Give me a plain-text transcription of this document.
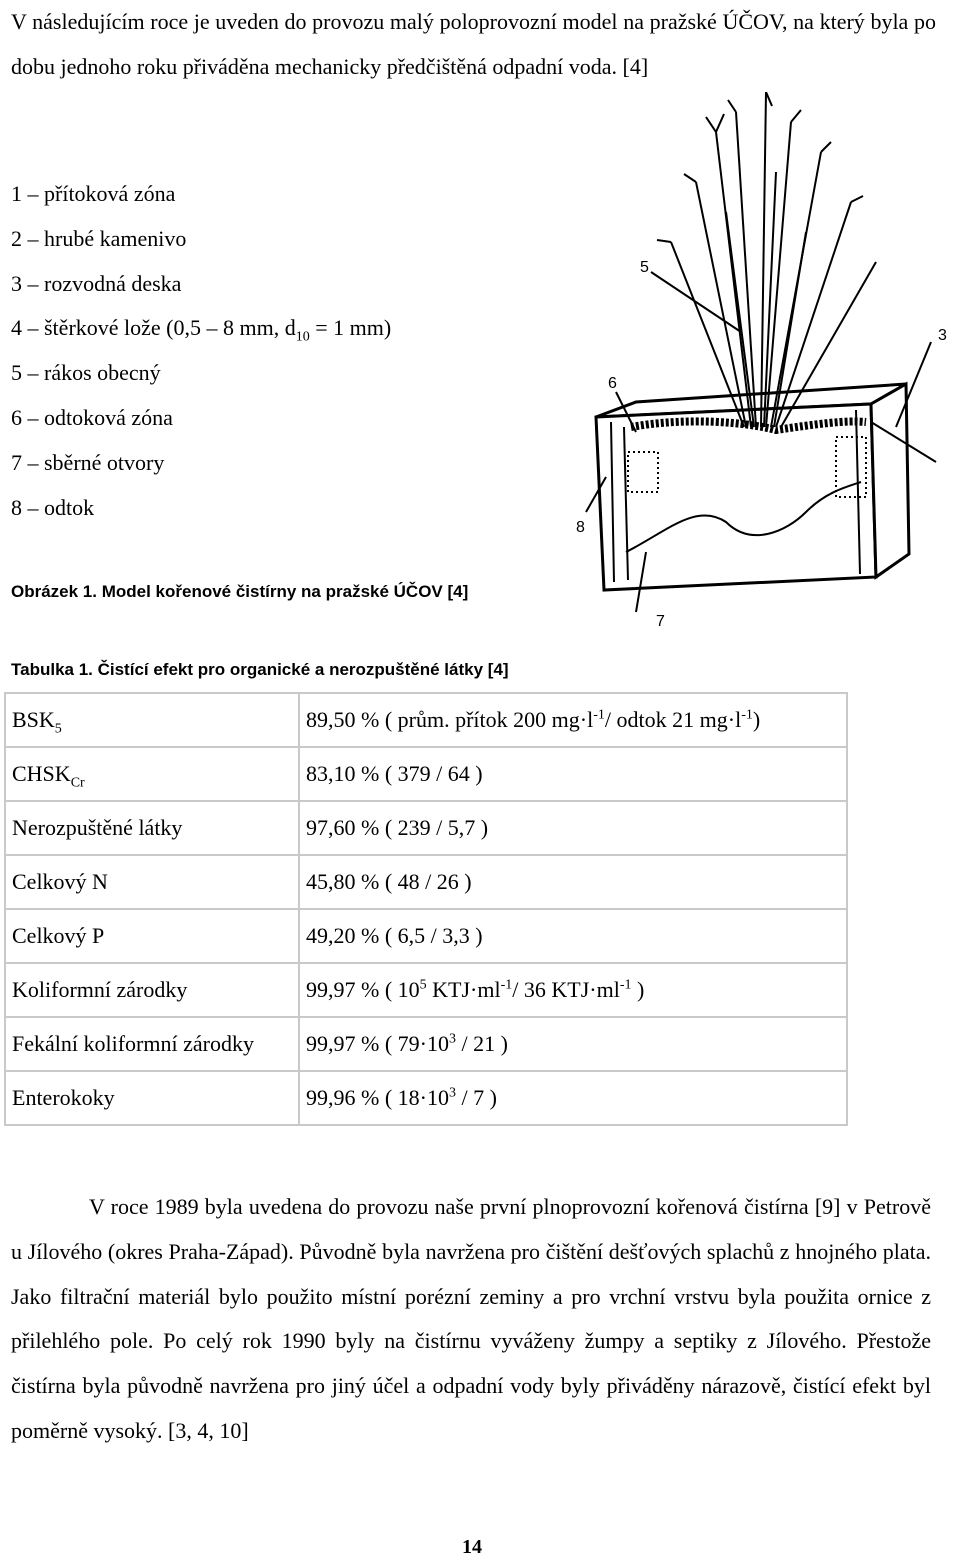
V následujícím roce je uveden do provozu malý poloprovozní model na pražské ÚČOV, na který byla po dobu jednoho roku přiváděna mechanicky předčištěná odpadní voda. [4]
1 – přítoková zóna
2 – hrubé kamenivo
3 – rozvodná deska
4 – štěrkové lože (0,5 – 8 mm, $d_{10} = 1$ mm)
5 – rákos obecný
6 – odtoková zóna
7 – sběrné otvory
8 – odtok
5
6
8
7
3
Obrázek 1. Model kořenové čistírny na pražské ÚČOV [4]
Tabulka 1. Čistící efekt pro organické a nerozpuštěné látky [4]
$BSK_5$	89,50 % ( prům. přítok 200 $mg\cdot l^{-1}/$ odtok 21 $mg\cdot l^{-1}$)
$CHSK_{Cr}$	83,10 % ( 379 / 64 )
Nerozpuštěné látky	97,60 % ( 239 / 5,7 )
Celkový N	45,80 % ( 48 / 26 )
Celkový P	49,20 % ( 6,5 / 3,3 )
Koliformní zárodky	99,97 % ( $10^5$ $KTJ\cdot ml^{-1}/$ 36 $KTJ\cdot ml^{-1}$ )
Fekální koliformní zárodky	99,97 % ( $79\cdot 10^3 / 21$ )
Enterokoky	99,96 % ( $18\cdot 10^3 / 7$ )
V roce 1989 byla uvedena do provozu naše první plnoprovozní kořenová čistírna [9] v Petrově u Jílového (okres Praha-Západ). Původně byla navržena pro čištění dešťových splachů z hnojného plata. Jako filtrační materiál bylo použito místní porézní zeminy a pro vrchní vrstvu byla použita ornice z přilehlého pole. Po celý rok 1990 byly na čistírnu vyváženy žumpy a septiky z Jílového. Přestože čistírna byla původně navržena pro jiný účel a odpadní vody byly přiváděny nárazově, čistící efekt byl poměrně vysoký. [3, 4, 10]
14
